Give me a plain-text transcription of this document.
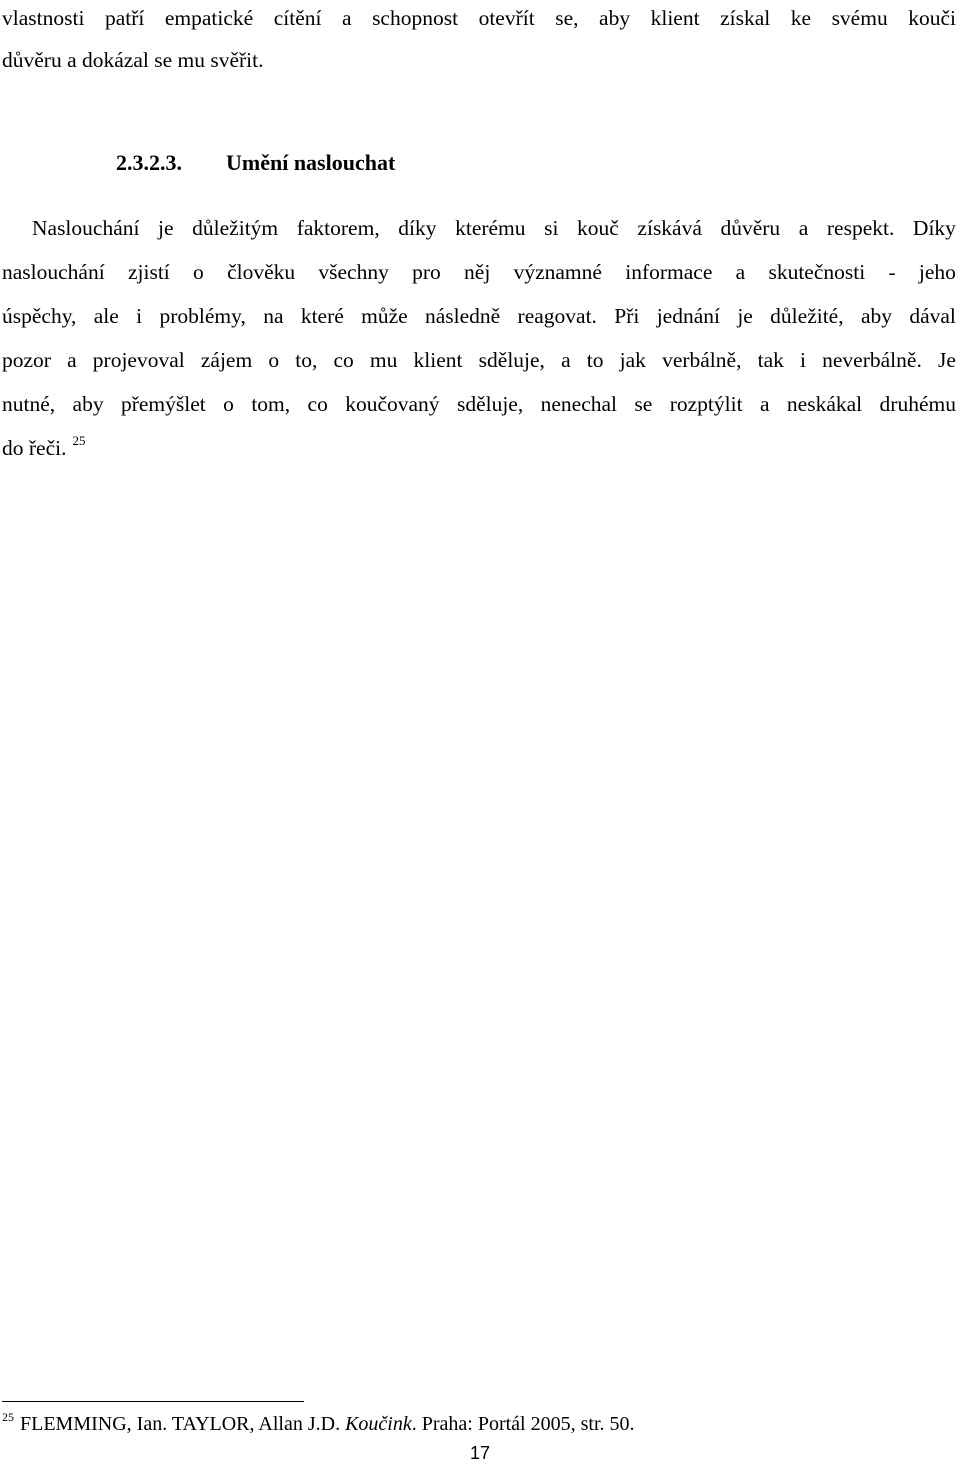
vlastnosti patří empatické cítění a schopnost otevřít se, aby klient získal ke svému kouči
důvěru a dokázal se mu svěřit.
2.3.2.3. Umění naslouchat
Naslouchání je důležitým faktorem, díky kterému si kouč získává důvěru a respekt. Díky
naslouchání zjistí o člověku všechny pro něj významné informace a skutečnosti - jeho
úspěchy, ale i problémy, na které může následně reagovat. Při jednání je důležité, aby dával
pozor a projevoval zájem o to, co mu klient sděluje, a to jak verbálně, tak i neverbálně. Je
nutné, aby přemýšlet o tom, co koučovaný sděluje, nenechal se rozptýlit a neskákal druhému
do řeči. $^{25}$
$^{25}$ FLEMMING, Ian. TAYLOR, Allan J.D. Koučink. Praha: Portál 2005, str. 50.
17
